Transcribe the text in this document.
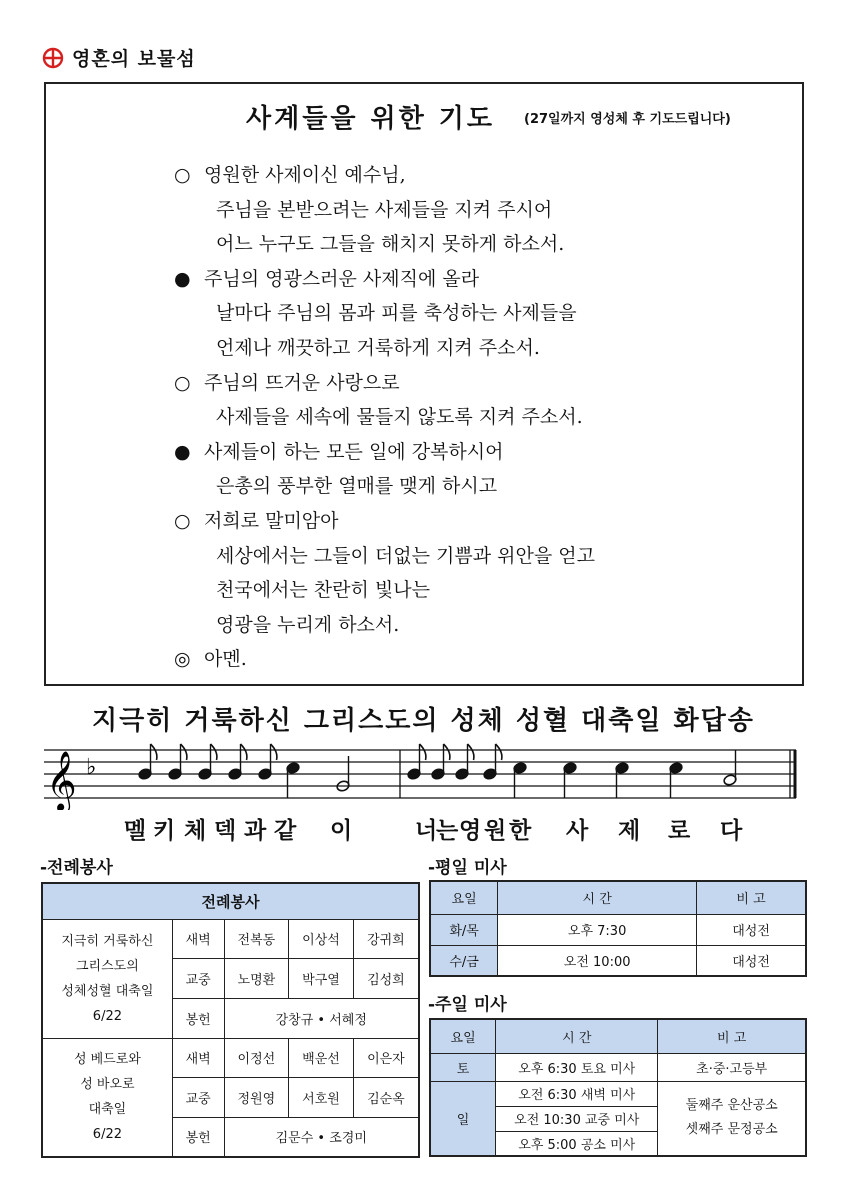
영혼의 보물섬
사계들을 위한 기도 (27일까지 영성체 후 기도드립니다)
○ 영원한 사제이신 예수님,
주님을 본받으려는 사제들을 지켜 주시어
어느 누구도 그들을 해치지 못하게 하소서.
● 주님의 영광스러운 사제직에 올라
날마다 주님의 몸과 피를 축성하는 사제들을
언제나 깨끗하고 거룩하게 지켜 주소서.
○ 주님의 뜨거운 사랑으로
사제들을 세속에 물들지 않도록 지켜 주소서.
● 사제들이 하는 모든 일에 강복하시어
은총의 풍부한 열매를 맺게 하시고
○ 저희로 말미암아
세상에서는 그들이 더없는 기쁨과 위안을 얻고
천국에서는 찬란히 빛나는
영광을 누리게 하소서.
◎ 아멘.
지극히 거룩하신 그리스도의 성체 성혈 대축일 화답송
𝄞 ♭
멜 키 체 덱 과 같 이	너
는 영 원 한 사 제 로 다
-전례봉사	-평일 미사
-주일 미사
전례봉사				

지극히 거룩하신
그리스도의
성체성혈 대축일
6/22	새벽	전복동	이상석	강귀희
	교중	노명환	박구열	김성희
	봉헌	강창규 • 서혜정		

성 베드로와
성 바오로
대축일
6/22	새벽	이정선	백운선	이은자
	교중	정원영	서호원	김순옥
	봉헌	김문수 • 조경미		
요일	시 간	비 고
화/목	오후 7:30	대성전
수/금	오전 10:00	대성전
요일	시 간	비 고
토	오후 6:30 토요 미사	초·중·고등부
일	오전 6:30 새벽 미사	둘째주 운산공소
셋째주 문정공소

	오전 10:30 교중 미사	
	오후 5:00 공소 미사	
